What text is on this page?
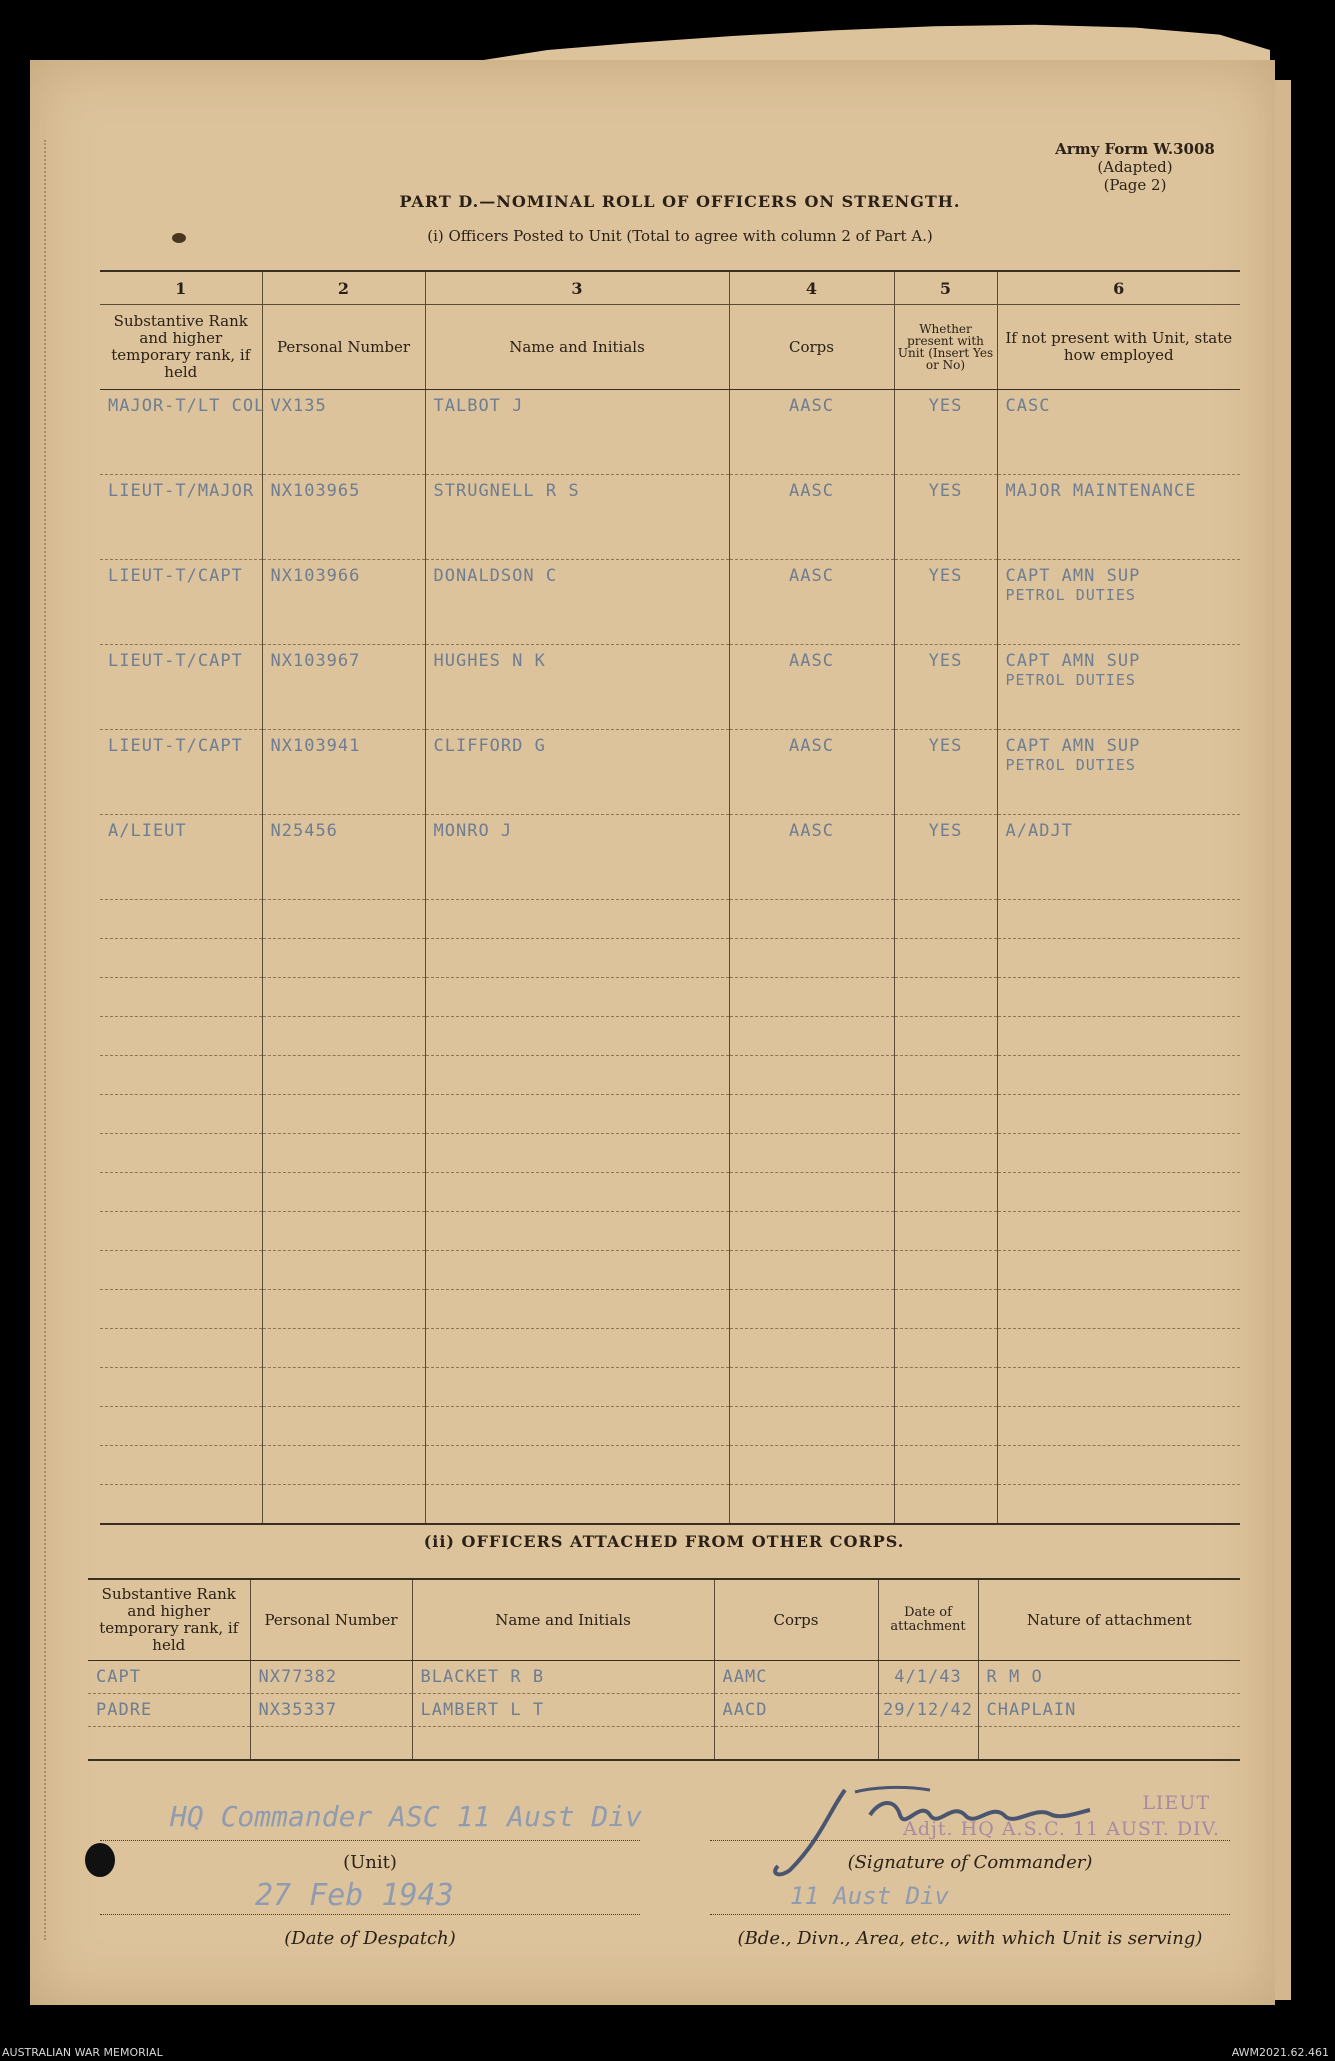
Army Form W.3008
(Adapted)
(Page 2)
PART D.—NOMINAL ROLL OF OFFICERS ON STRENGTH.
(i) Officers Posted to Unit (Total to agree with column 2 of Part A.)
1	2	3	4	5	6
Substantive Rank and higher temporary rank, if held	Personal Number	Name and Initials	Corps	Whether present with Unit (Insert Yes or No)	If not present with Unit, state how employed
MAJOR-T/LT COL	VX135	TALBOT J	AASC	YES	CASC

LIEUT-T/MAJOR	NX103965	STRUGNELL R S	AASC	YES	MAJOR MAINTENANCE

LIEUT-T/CAPT	NX103966	DONALDSON C	AASC	YES	CAPT AMN SUP
PETROL DUTIES

LIEUT-T/CAPT	NX103967	HUGHES N K	AASC	YES	CAPT AMN SUP
PETROL DUTIES

LIEUT-T/CAPT	NX103941	CLIFFORD G	AASC	YES	CAPT AMN SUP
PETROL DUTIES

A/LIEUT	N25456	MONRO J	AASC	YES	A/ADJT

(ii) OFFICERS ATTACHED FROM OTHER CORPS.
Substantive Rank and higher temporary rank, if held	Personal Number	Name and Initials	Corps	Date of attachment	Nature of attachment
CAPT	NX77382	BLACKET R B	AAMC	4/1/43	R M O
PADRE	NX35337	LAMBERT L T	AACD	29/12/42	CHAPLAIN

HQ Commander ASC 11 Aust Div
(Unit)
27 Feb 1943
(Date of Despatch)
LIEUT
Adjt. HQ A.S.C. 11 AUST. DIV.
(Signature of Commander)
11 Aust Div
(Bde., Divn., Area, etc., with which Unit is serving)
AUSTRALIAN WAR MEMORIAL	AWM2021.62.461
